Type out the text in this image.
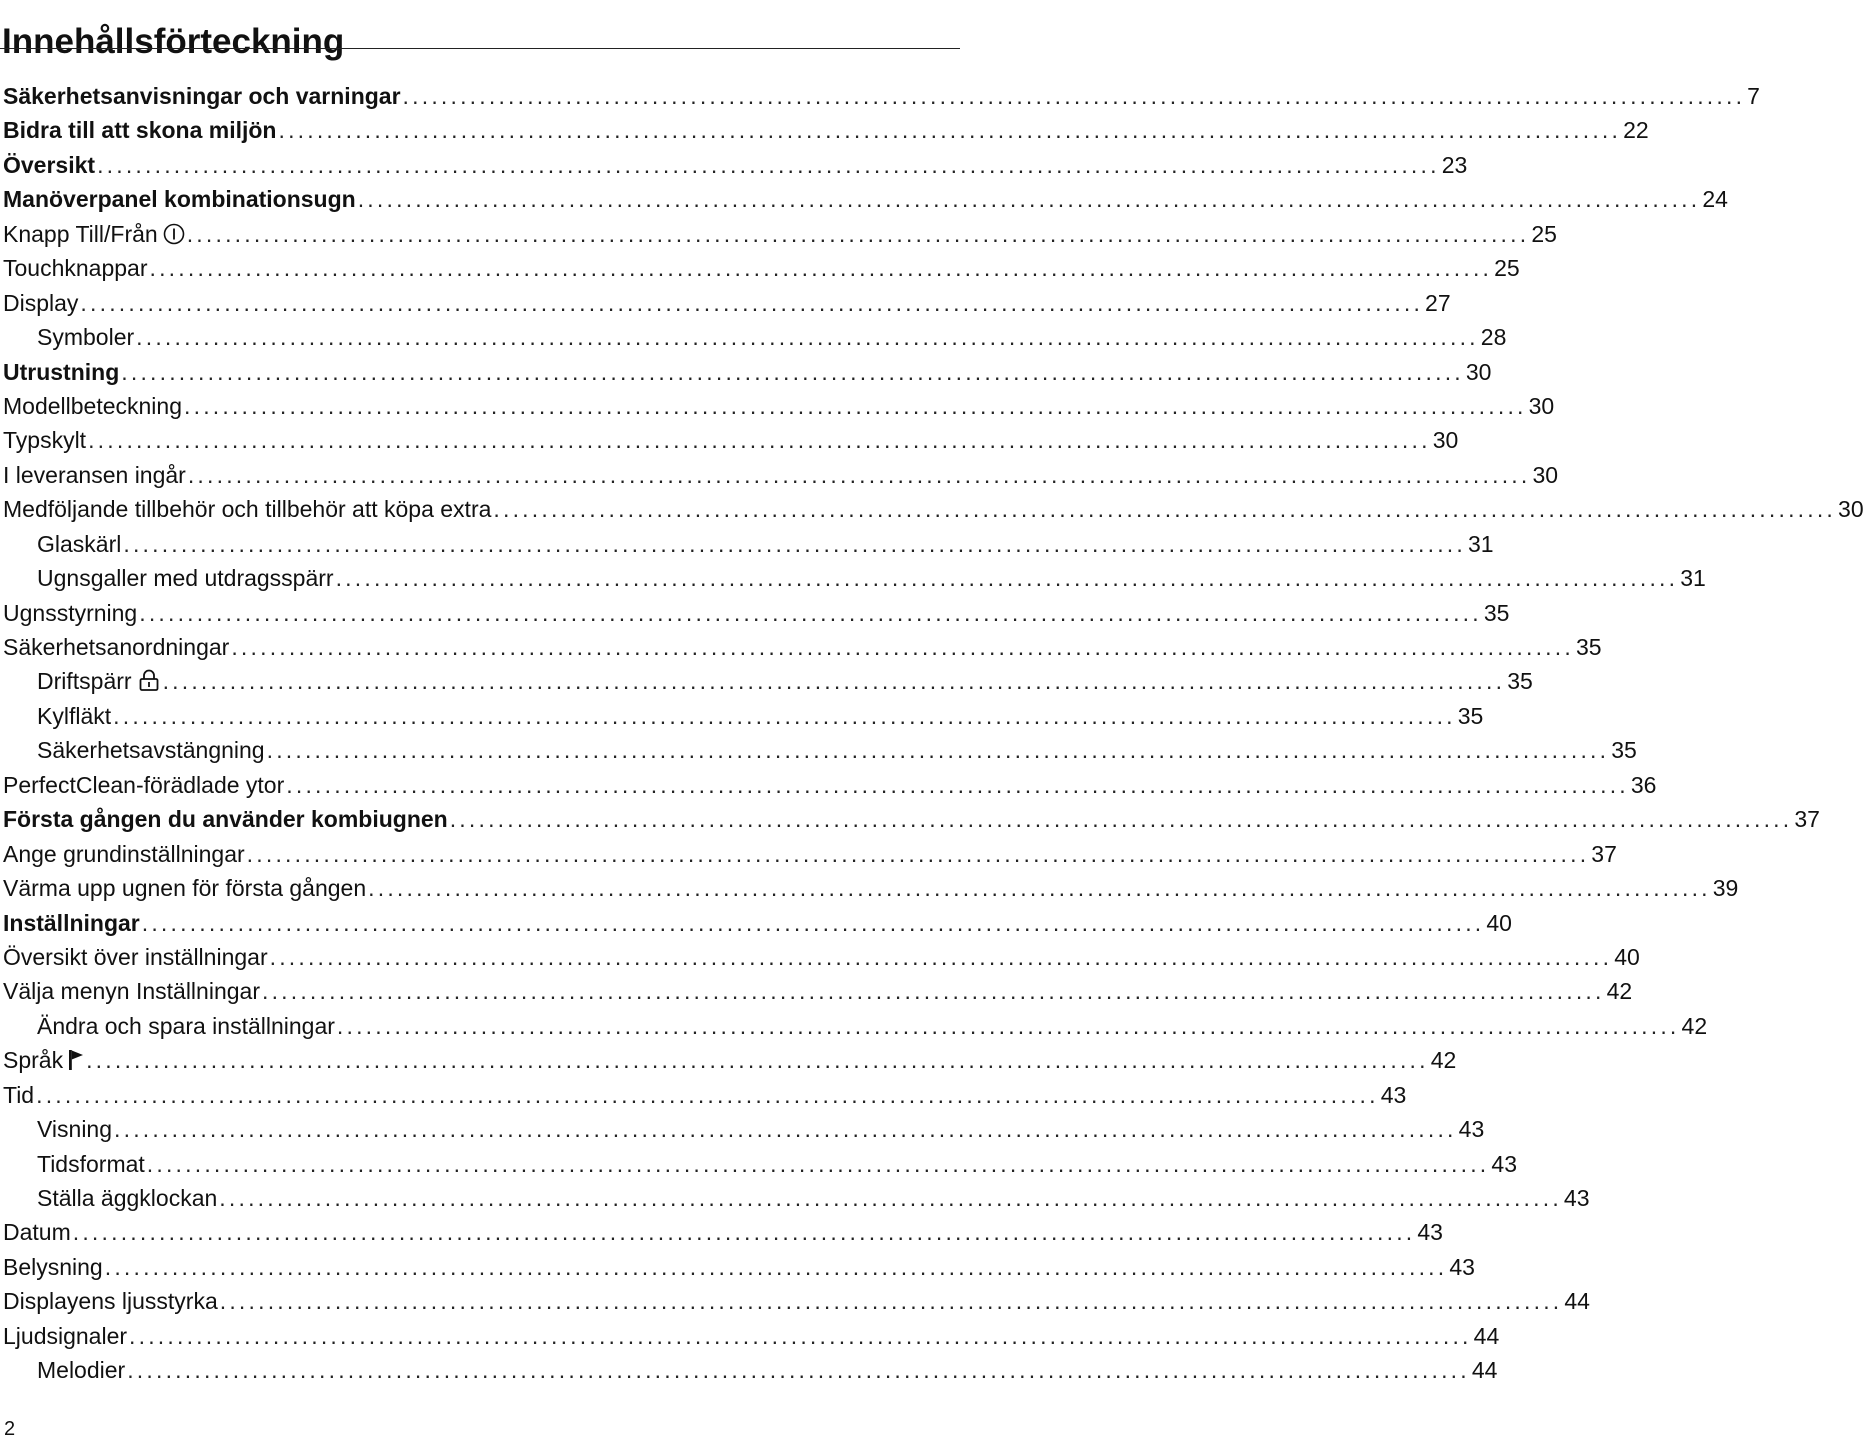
Innehållsförteckning
Säkerhetsanvisningar och varningar ............................................................................................................................................ 7
Bidra till att skona miljön ............................................................................................................................................ 22
Översikt ............................................................................................................................................ 23
Manöverpanel kombinationsugn ............................................................................................................................................ 24
Knapp Till/Från ............................................................................................................................................ 25
Touchknappar ............................................................................................................................................ 25
Display ............................................................................................................................................ 27
Symboler ............................................................................................................................................ 28
Utrustning ............................................................................................................................................ 30
Modellbeteckning ............................................................................................................................................ 30
Typskylt ............................................................................................................................................ 30
I leveransen ingår ............................................................................................................................................ 30
Medföljande tillbehör och tillbehör att köpa extra ............................................................................................................................................ 30
Glaskärl ............................................................................................................................................ 31
Ugnsgaller med utdragsspärr ............................................................................................................................................ 31
Ugnsstyrning ............................................................................................................................................ 35
Säkerhetsanordningar ............................................................................................................................................ 35
Driftspärr ............................................................................................................................................ 35
Kylfläkt ............................................................................................................................................ 35
Säkerhetsavstängning ............................................................................................................................................ 35
PerfectClean-förädlade ytor ............................................................................................................................................ 36
Första gången du använder kombiugnen ............................................................................................................................................ 37
Ange grundinställningar ............................................................................................................................................ 37
Värma upp ugnen för första gången ............................................................................................................................................ 39
Inställningar ............................................................................................................................................ 40
Översikt över inställningar ............................................................................................................................................ 40
Välja menyn Inställningar ............................................................................................................................................ 42
Ändra och spara inställningar ............................................................................................................................................ 42
Språk ............................................................................................................................................ 42
Tid ............................................................................................................................................ 43
Visning ............................................................................................................................................ 43
Tidsformat ............................................................................................................................................ 43
Ställa äggklockan ............................................................................................................................................ 43
Datum ............................................................................................................................................ 43
Belysning ............................................................................................................................................ 43
Displayens ljusstyrka ............................................................................................................................................ 44
Ljudsignaler ............................................................................................................................................ 44
Melodier ............................................................................................................................................ 44
2
